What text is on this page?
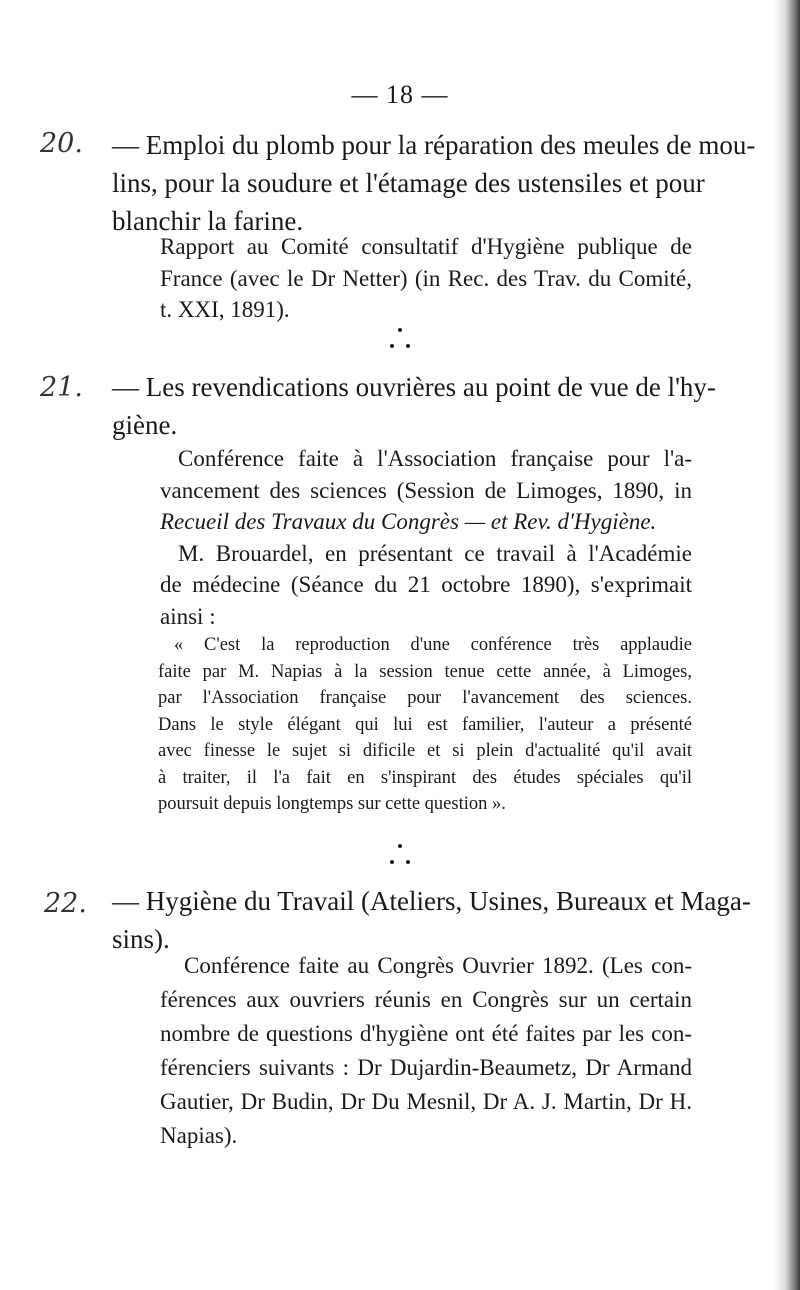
— 18 —
20. — Emploi du plomb pour la réparation des meules de mou-
lins, pour la soudure et l'étamage des ustensiles et pour
blanchir la farine.
Rapport au Comité consultatif d'Hygiène publique de
France (avec le Dr Netter) (in Rec. des Trav. du Comité,
t. XXI, 1891).
21. — Les revendications ouvrières au point de vue de l'hy-
giène.
Conférence faite à l'Association française pour l'a-
vancement des sciences (Session de Limoges, 1890, in
Recueil des Travaux du Congrès — et Rev. d'Hygiène.
M. Brouardel, en présentant ce travail à l'Académie
de médecine (Séance du 21 octobre 1890), s'exprimait
ainsi :
« C'est la reproduction d'une conférence très applaudie
faite par M. Napias à la session tenue cette année, à Limoges,
par l'Association française pour l'avancement des sciences.
Dans le style élégant qui lui est familier, l'auteur a présenté
avec finesse le sujet si dificile et si plein d'actualité qu'il avait
à traiter, il l'a fait en s'inspirant des études spéciales qu'il
poursuit depuis longtemps sur cette question ».
22. — Hygiène du Travail (Ateliers, Usines, Bureaux et Maga-
sins).
Conférence faite au Congrès Ouvrier 1892. (Les con-
férences aux ouvriers réunis en Congrès sur un certain
nombre de questions d'hygiène ont été faites par les con-
férenciers suivants : Dr Dujardin-Beaumetz, Dr Armand
Gautier, Dr Budin, Dr Du Mesnil, Dr A. J. Martin, Dr H.
Napias).
